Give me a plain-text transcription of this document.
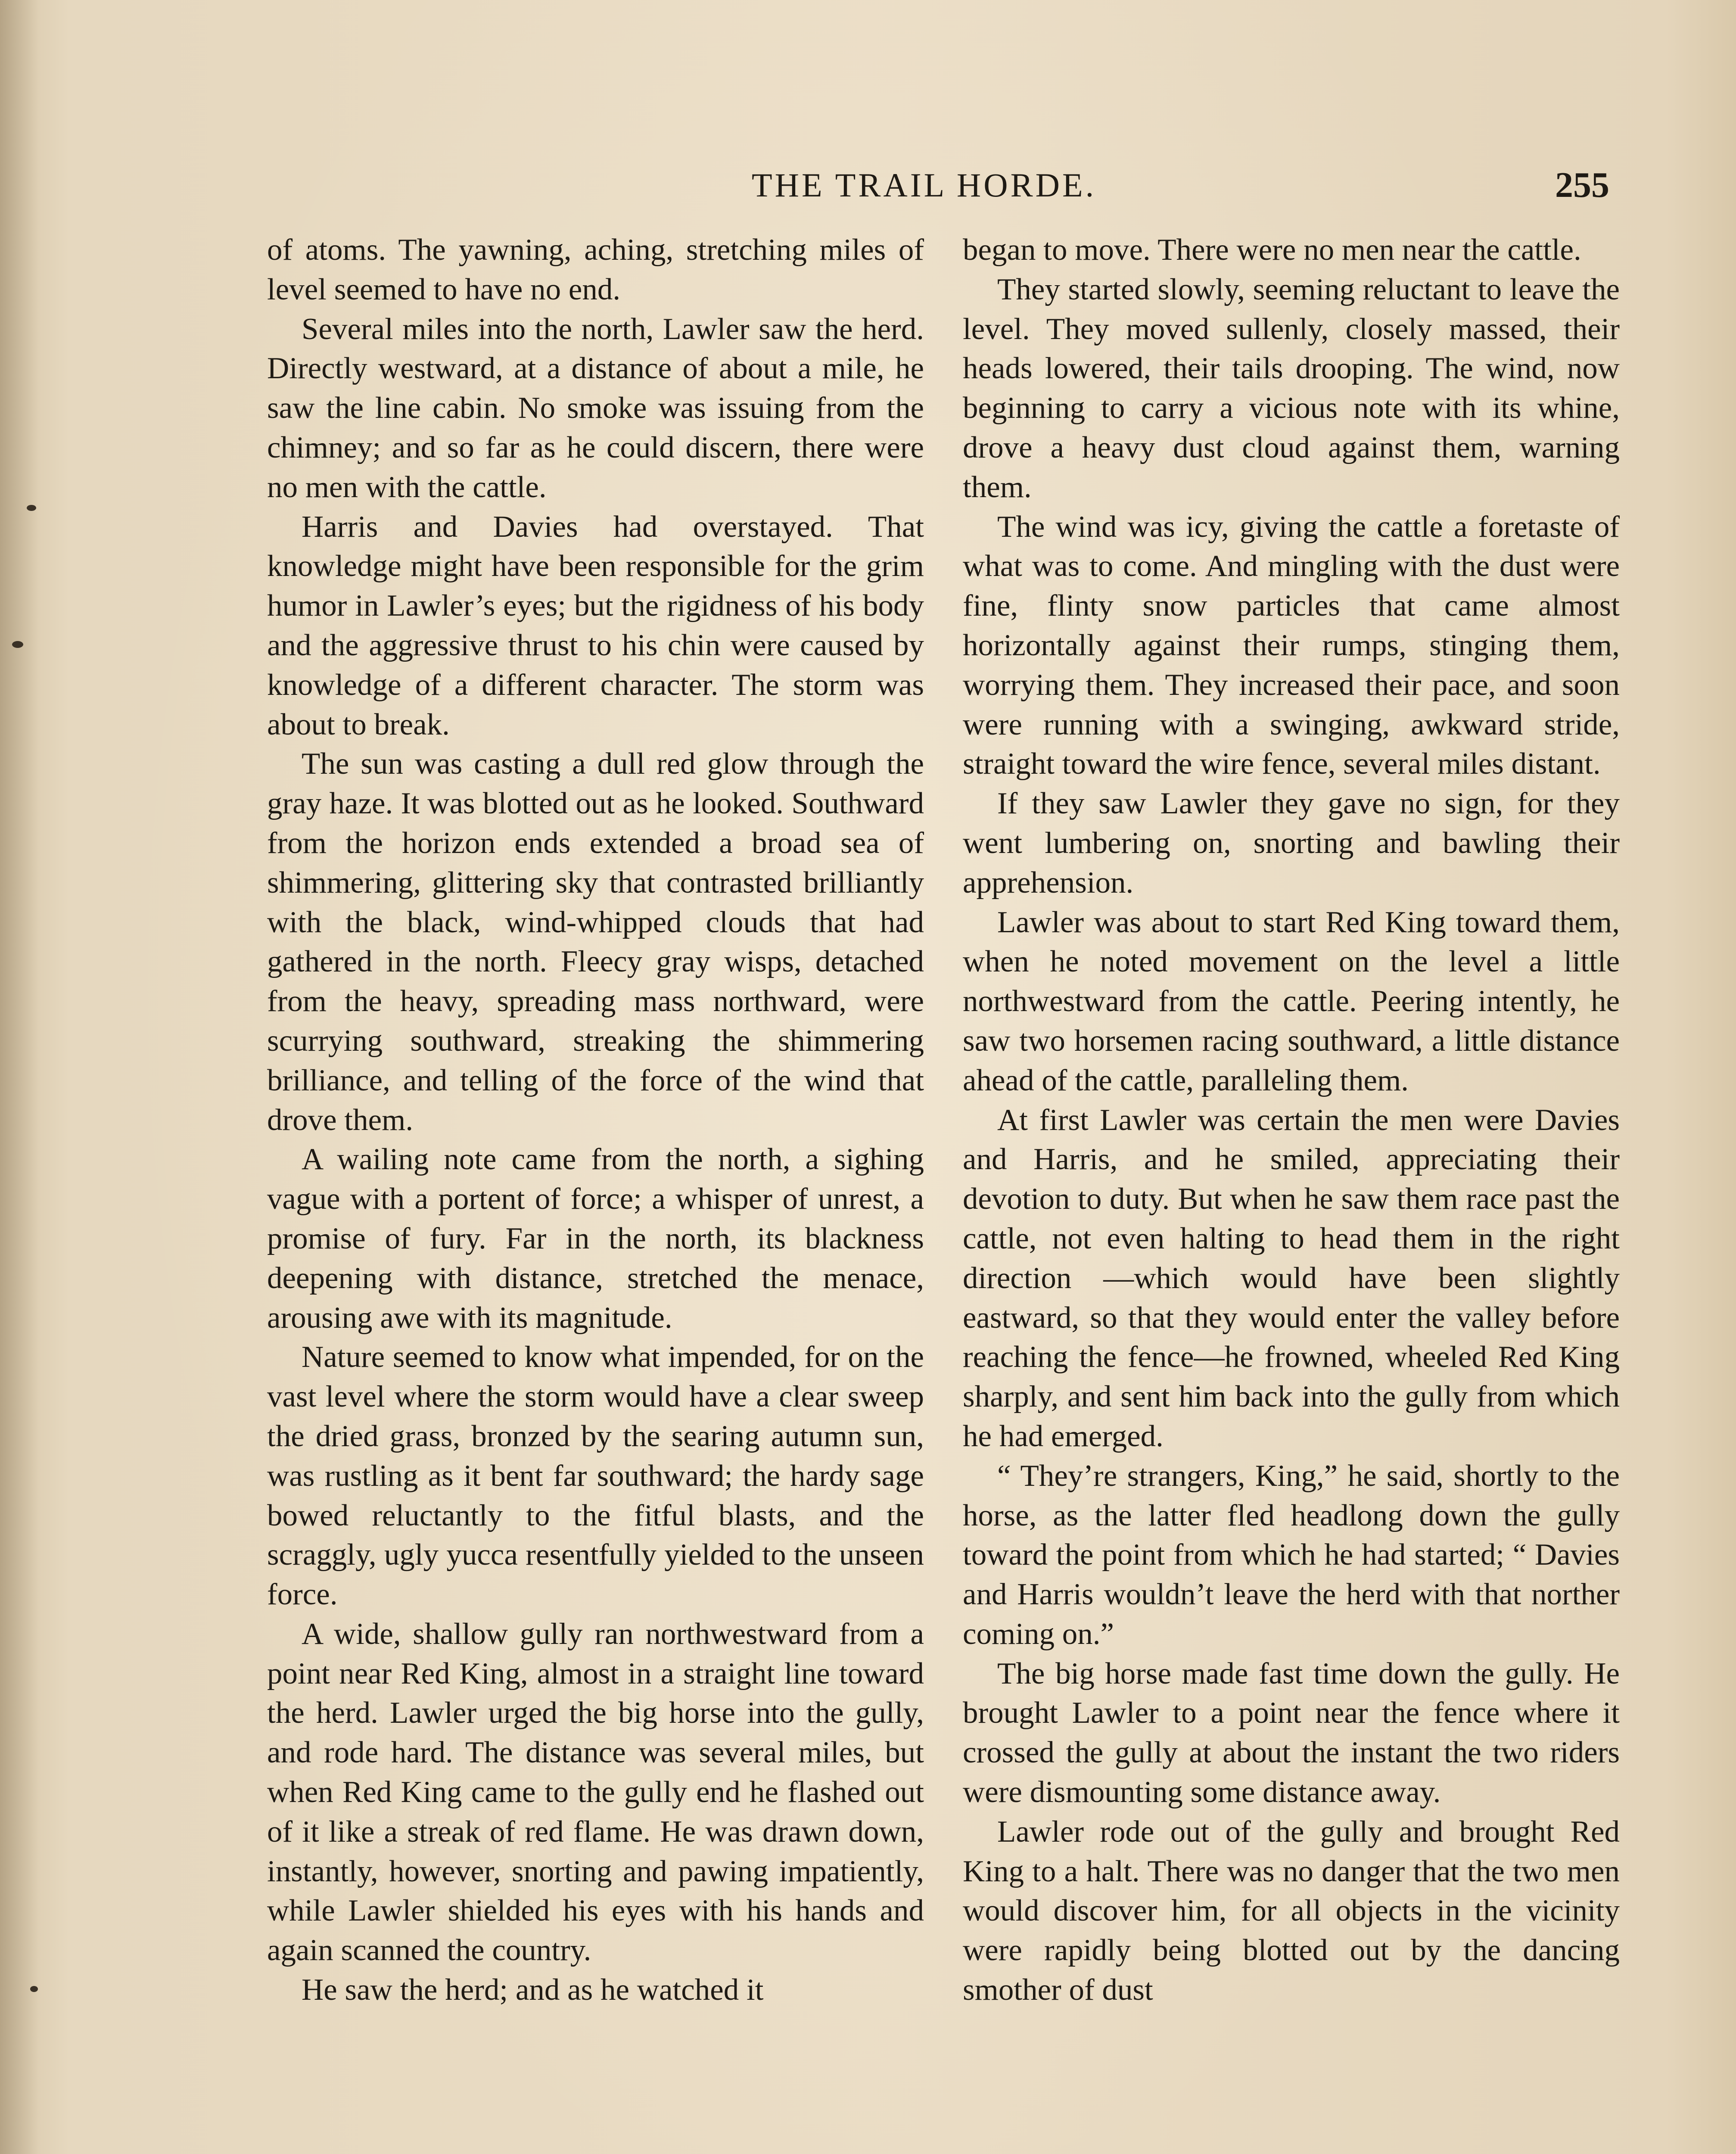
THE TRAIL HORDE.	255

of atoms. The yawning, aching, stretching miles of level seemed to have no end.

Several miles into the north, Lawler saw the herd. Directly westward, at a distance of about a mile, he saw the line cabin. No smoke was issuing from the chimney; and so far as he could discern, there were no men with the cattle.

Harris and Davies had overstayed. That knowledge might have been responsible for the grim humor in Lawler’s eyes; but the rigidness of his body and the aggressive thrust to his chin were caused by knowledge of a different character. The storm was about to break.

The sun was casting a dull red glow through the gray haze. It was blotted out as he looked. Southward from the horizon ends extended a broad sea of shimmering, glittering sky that contrasted brilliantly with the black, wind-whipped clouds that had gathered in the north. Fleecy gray wisps, detached from the heavy, spreading mass northward, were scurrying southward, streaking the shimmering brilliance, and telling of the force of the wind that drove them.

A wailing note came from the north, a sighing vague with a portent of force; a whisper of unrest, a promise of fury. Far in the north, its blackness deepening with distance, stretched the menace, arousing awe with its magnitude.

Nature seemed to know what impended, for on the vast level where the storm would have a clear sweep the dried grass, bronzed by the searing autumn sun, was rustling as it bent far southward; the hardy sage bowed reluctantly to the fitful blasts, and the scraggly, ugly yucca resentfully yielded to the unseen force.

A wide, shallow gully ran northwestward from a point near Red King, almost in a straight line toward the herd. Lawler urged the big horse into the gully, and rode hard. The distance was several miles, but when Red King came to the gully end he flashed out of it like a streak of red flame. He was drawn down, instantly, however, snorting and pawing impatiently, while Lawler shielded his eyes with his hands and again scanned the country.

He saw the herd; and as he watched it

began to move. There were no men near the cattle.

They started slowly, seeming reluctant to leave the level. They moved sullenly, closely massed, their heads lowered, their tails drooping. The wind, now beginning to carry a vicious note with its whine, drove a heavy dust cloud against them, warning them.

The wind was icy, giving the cattle a foretaste of what was to come. And mingling with the dust were fine, flinty snow particles that came almost horizontally against their rumps, stinging them, worrying them. They increased their pace, and soon were running with a swinging, awkward stride, straight toward the wire fence, several miles distant.

If they saw Lawler they gave no sign, for they went lumbering on, snorting and bawling their apprehension.

Lawler was about to start Red King toward them, when he noted movement on the level a little northwestward from the cattle. Peering intently, he saw two horsemen racing southward, a little distance ahead of the cattle, paralleling them.

At first Lawler was certain the men were Davies and Harris, and he smiled, appreciating their devotion to duty. But when he saw them race past the cattle, not even halting to head them in the right direction —which would have been slightly eastward, so that they would enter the valley before reaching the fence—he frowned, wheeled Red King sharply, and sent him back into the gully from which he had emerged.

“ They’re strangers, King,” he said, shortly to the horse, as the latter fled headlong down the gully toward the point from which he had started; “ Davies and Harris wouldn’t leave the herd with that norther coming on.”

The big horse made fast time down the gully. He brought Lawler to a point near the fence where it crossed the gully at about the instant the two riders were dismounting some distance away.

Lawler rode out of the gully and brought Red King to a halt. There was no danger that the two men would discover him, for all objects in the vicinity were rapidly being blotted out by the dancing smother of dust
